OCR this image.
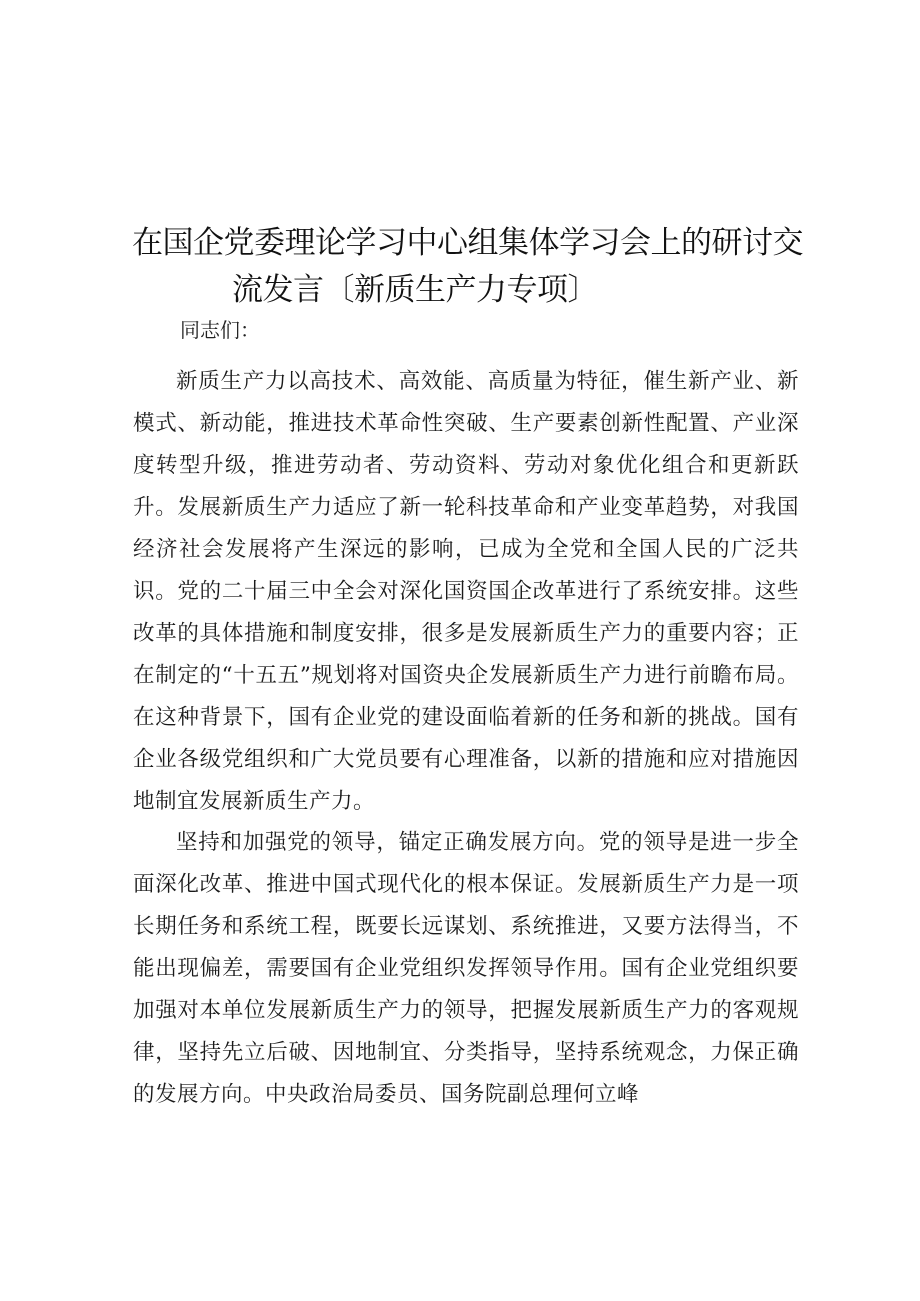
在国企党委理论学习中心组集体学习会上的研讨交
流发言〔新质生产力专项〕

同志们：

新质生产力以高技术、高效能、高质量为特征，催生新产业、新模式、新动能，推进技术革命性突破、生产要素创新性配置、产业深度转型升级，推进劳动者、劳动资料、劳动对象优化组合和更新跃升。发展新质生产力适应了新一轮科技革命和产业变革趋势，对我国经济社会发展将产生深远的影响，已成为全党和全国人民的广泛共识。党的二十届三中全会对深化国资国企改革进行了系统安排。这些改革的具体措施和制度安排，很多是发展新质生产力的重要内容；正在制定的“十五五”规划将对国资央企发展新质生产力进行前瞻布局。在这种背景下，国有企业党的建设面临着新的任务和新的挑战。国有企业各级党组织和广大党员要有心理准备，以新的措施和应对措施因地制宜发展新质生产力。

坚持和加强党的领导，锚定正确发展方向。党的领导是进一步全面深化改革、推进中国式现代化的根本保证。发展新质生产力是一项长期任务和系统工程，既要长远谋划、系统推进，又要方法得当，不能出现偏差，需要国有企业党组织发挥领导作用。国有企业党组织要加强对本单位发展新质生产力的领导，把握发展新质生产力的客观规律，坚持先立后破、因地制宜、分类指导，坚持系统观念，力保正确的发展方向。中央政治局委员、国务院副总理何立峰
